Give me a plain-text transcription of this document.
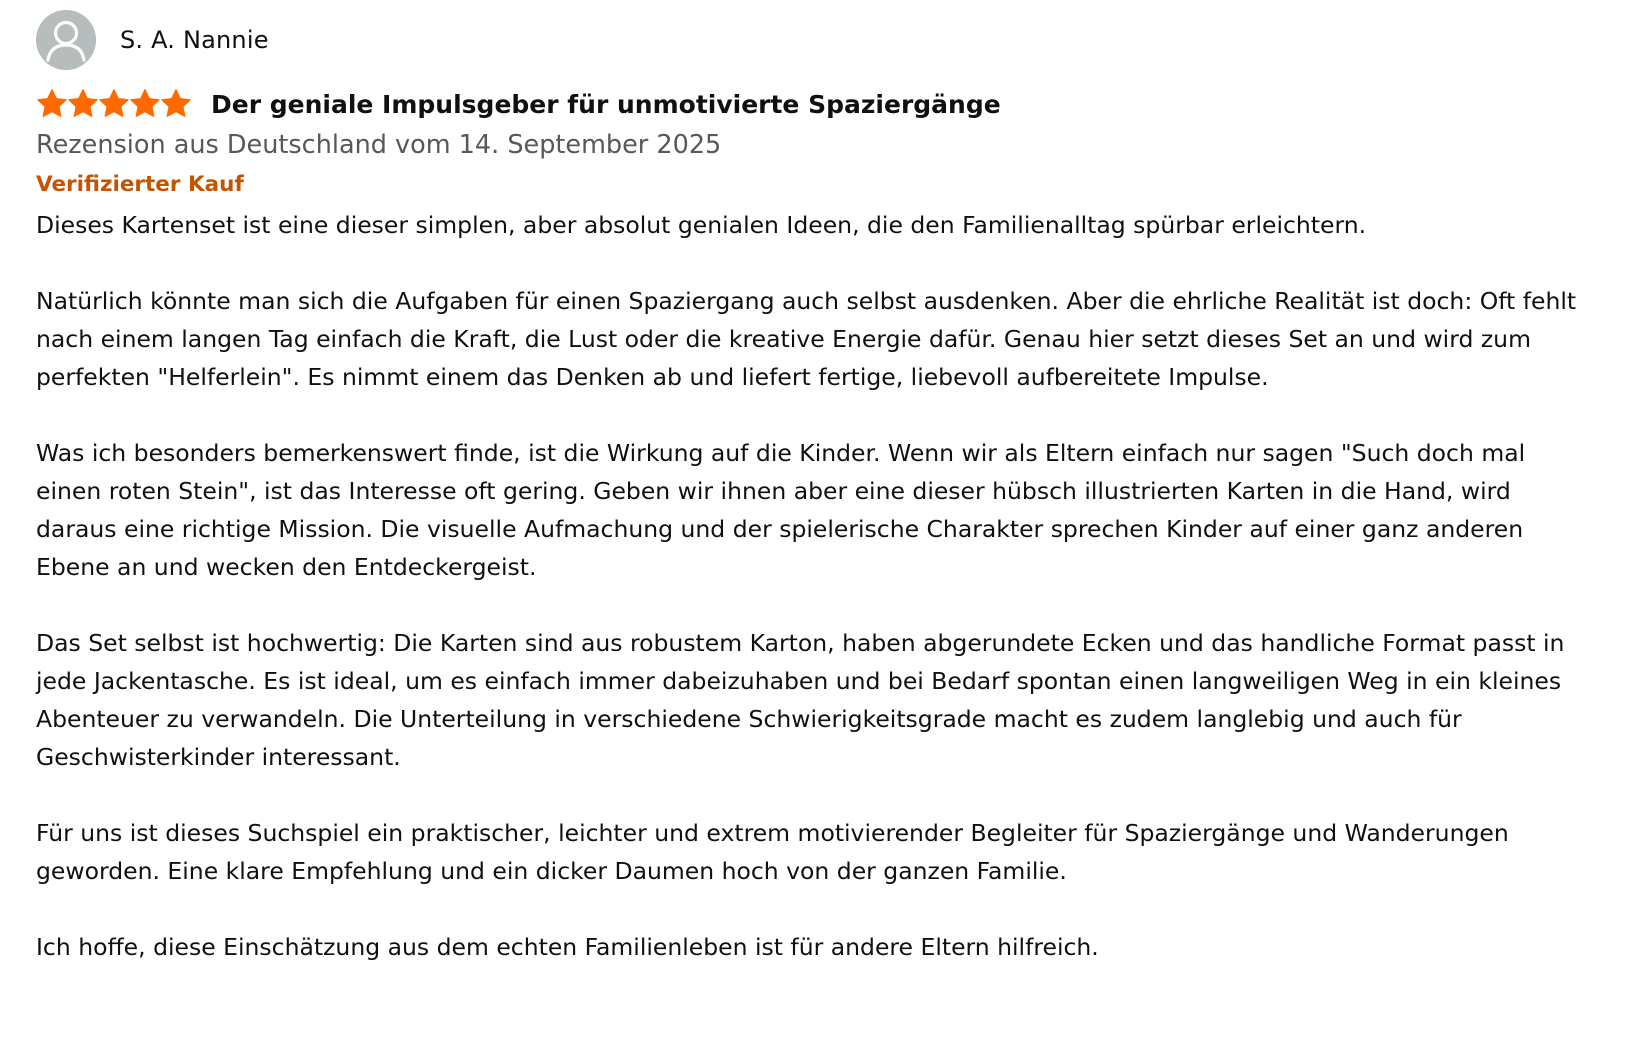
S. A. Nannie
Der geniale Impulsgeber für unmotivierte Spaziergänge
Rezension aus Deutschland vom 14. September 2025
Verifizierter Kauf

Dieses Kartenset ist eine dieser simplen, aber absolut genialen Ideen, die den Familienalltag spürbar erleichtern.

Natürlich könnte man sich die Aufgaben für einen Spaziergang auch selbst ausdenken. Aber die ehrliche Realität ist doch: Oft fehlt nach einem langen Tag einfach die Kraft, die Lust oder die kreative Energie dafür. Genau hier setzt dieses Set an und wird zum perfekten "Helferlein". Es nimmt einem das Denken ab und liefert fertige, liebevoll aufbereitete Impulse.

Was ich besonders bemerkenswert finde, ist die Wirkung auf die Kinder. Wenn wir als Eltern einfach nur sagen "Such doch mal einen roten Stein", ist das Interesse oft gering. Geben wir ihnen aber eine dieser hübsch illustrierten Karten in die Hand, wird daraus eine richtige Mission. Die visuelle Aufmachung und der spielerische Charakter sprechen Kinder auf einer ganz anderen Ebene an und wecken den Entdeckergeist.

Das Set selbst ist hochwertig: Die Karten sind aus robustem Karton, haben abgerundete Ecken und das handliche Format passt in jede Jackentasche. Es ist ideal, um es einfach immer dabeizuhaben und bei Bedarf spontan einen langweiligen Weg in ein kleines Abenteuer zu verwandeln. Die Unterteilung in verschiedene Schwierigkeitsgrade macht es zudem langlebig und auch für Geschwisterkinder interessant.

Für uns ist dieses Suchspiel ein praktischer, leichter und extrem motivierender Begleiter für Spaziergänge und Wanderungen geworden. Eine klare Empfehlung und ein dicker Daumen hoch von der ganzen Familie.

Ich hoffe, diese Einschätzung aus dem echten Familienleben ist für andere Eltern hilfreich.
